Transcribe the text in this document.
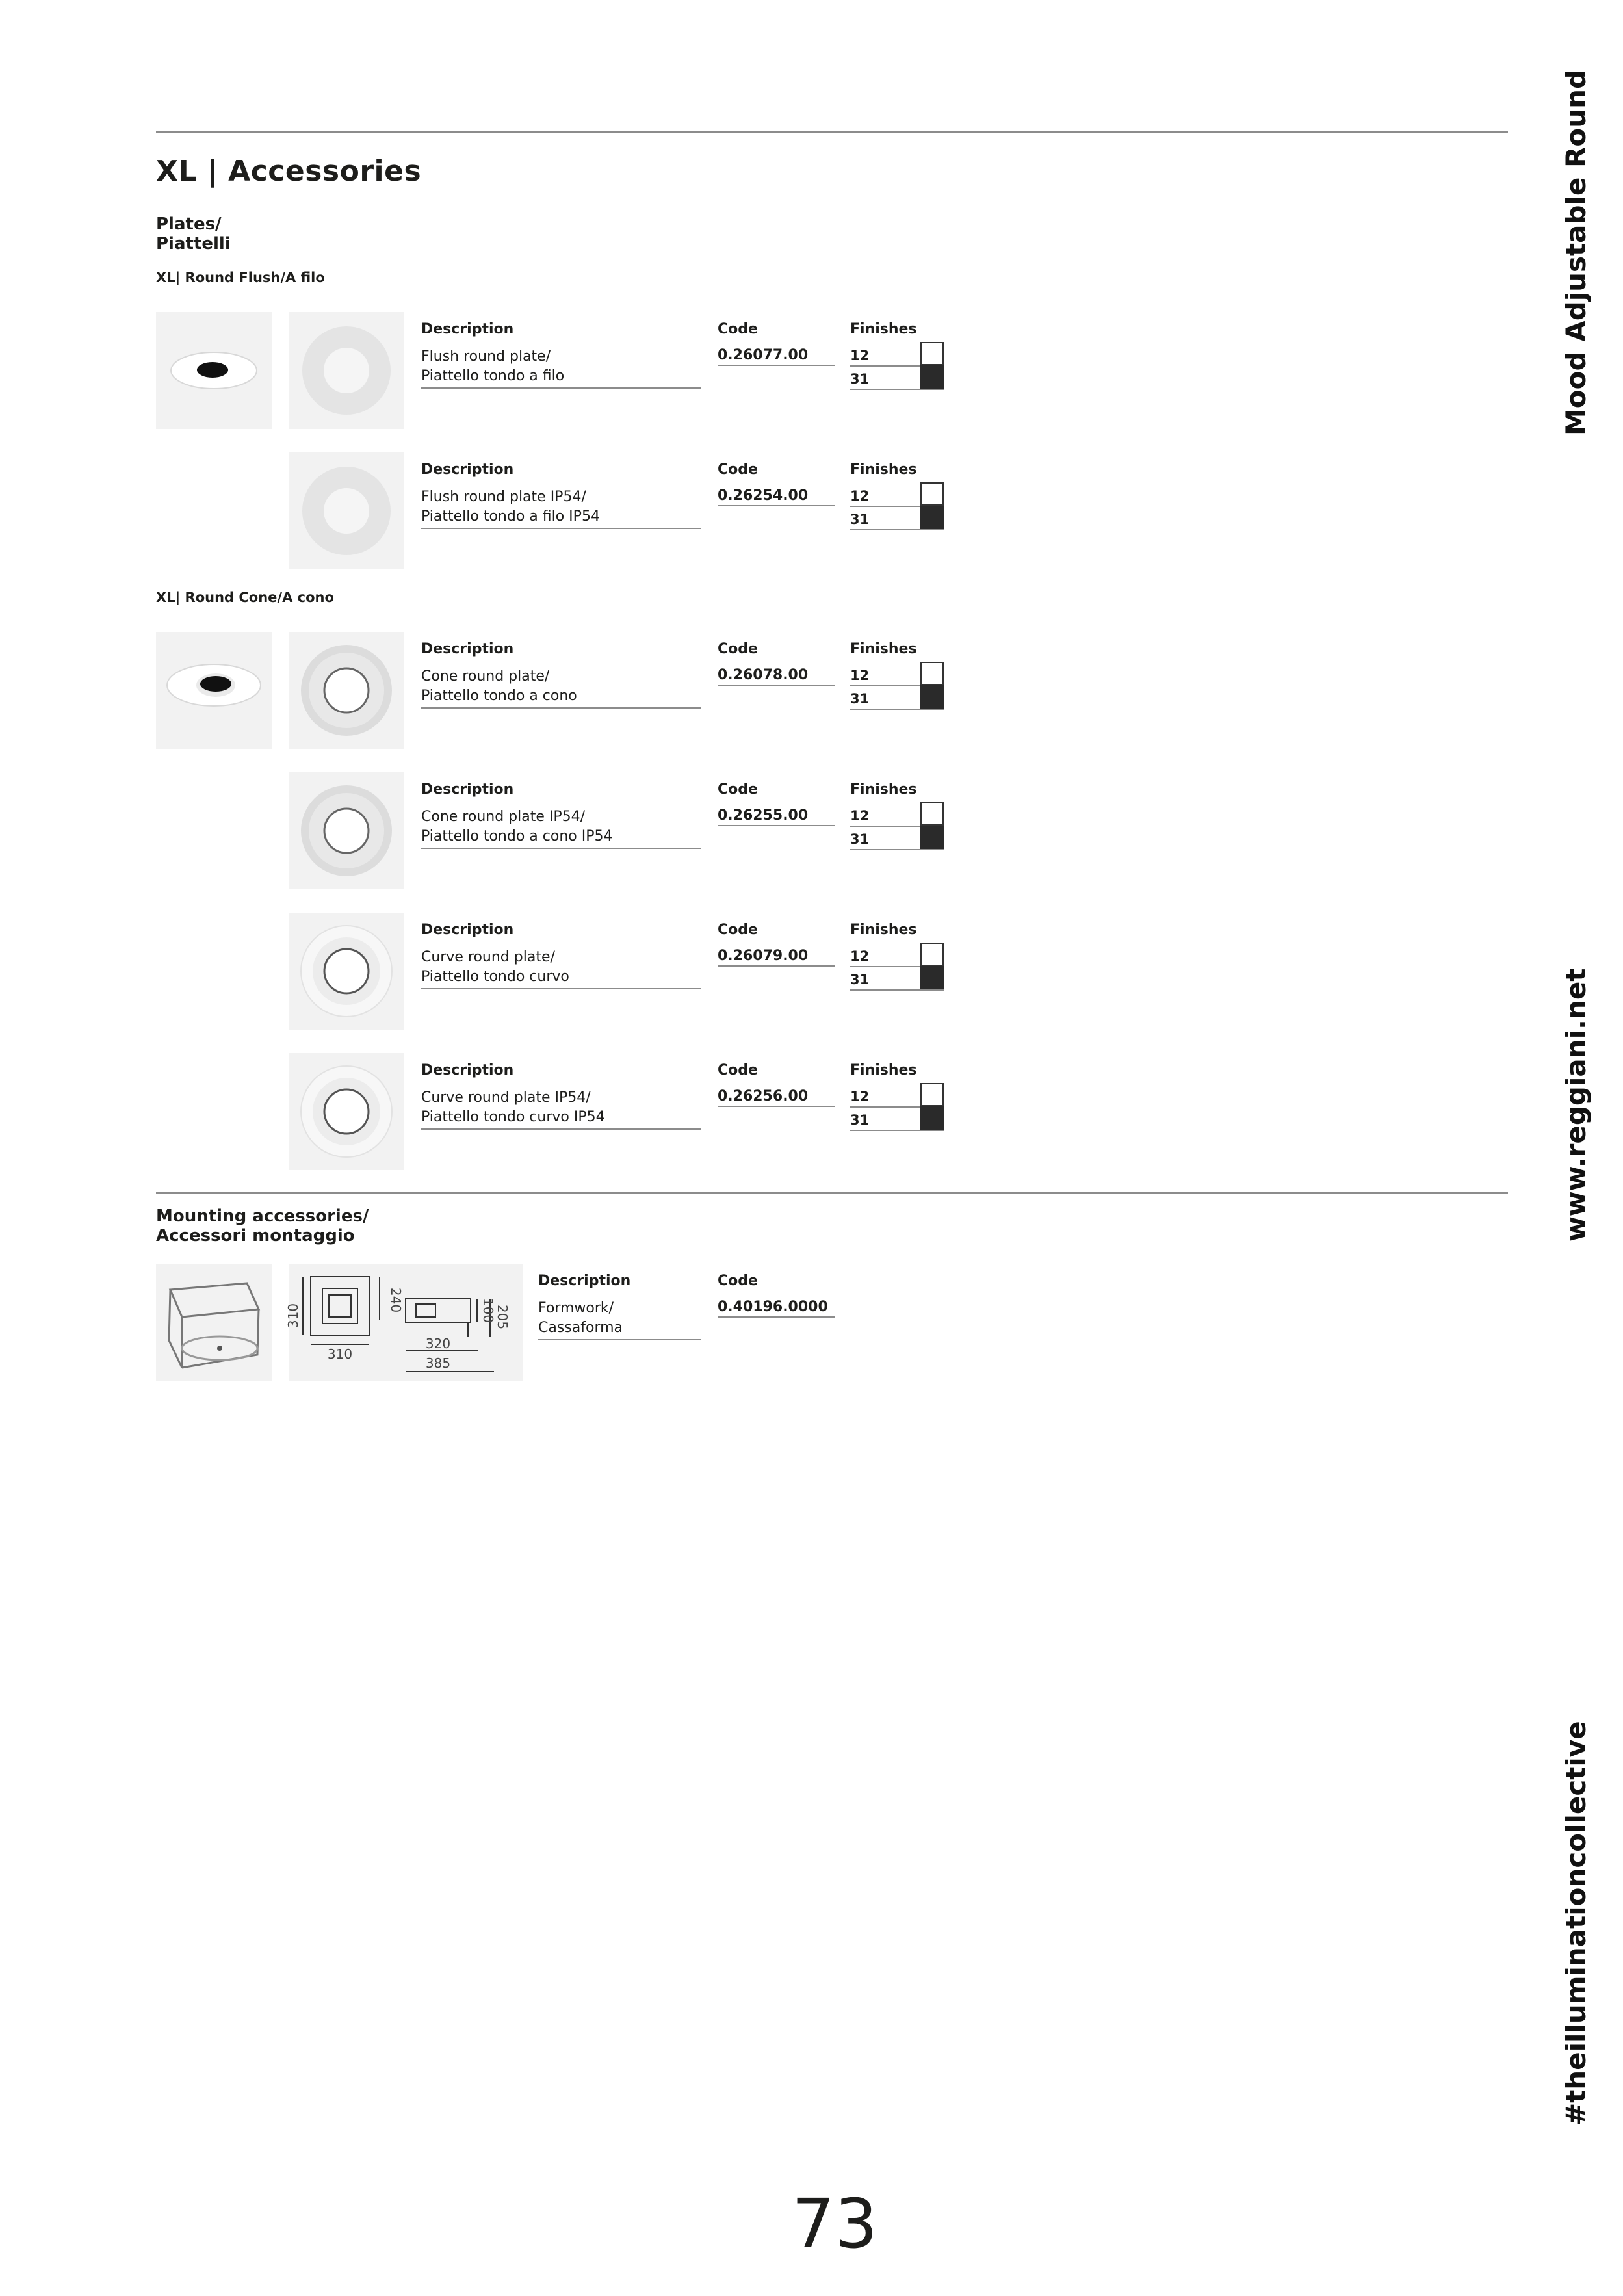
XL | Accessories
Plates/
Piattelli
XL| Round Flush/A filo
Description	Code	Finishes
Flush round plate/
Piattello tondo a filo
0.26077.00	12
31
Description	Code	Finishes
Flush round plate IP54/
Piattello tondo a filo IP54
0.26254.00	12
31
XL| Round Cone/A cono
Description	Code	Finishes
Cone round plate/
Piattello tondo a cono
0.26078.00	12
31
Description	Code	Finishes
Cone round plate IP54/
Piattello tondo a cono IP54
0.26255.00	12
31
Description	Code	Finishes
Curve round plate/
Piattello tondo curvo
0.26079.00	12
31
Description	Code	Finishes
Curve round plate IP54/
Piattello tondo curvo IP54
0.26256.00	12
31
Mounting accessories/
Accessori montaggio
310
240
310
100
205
320
385
Description	Code
Formwork/
Cassaforma
0.40196.0000
Mood Adjustable Round
www.reggiani.net
#theilluminationcollective
73
